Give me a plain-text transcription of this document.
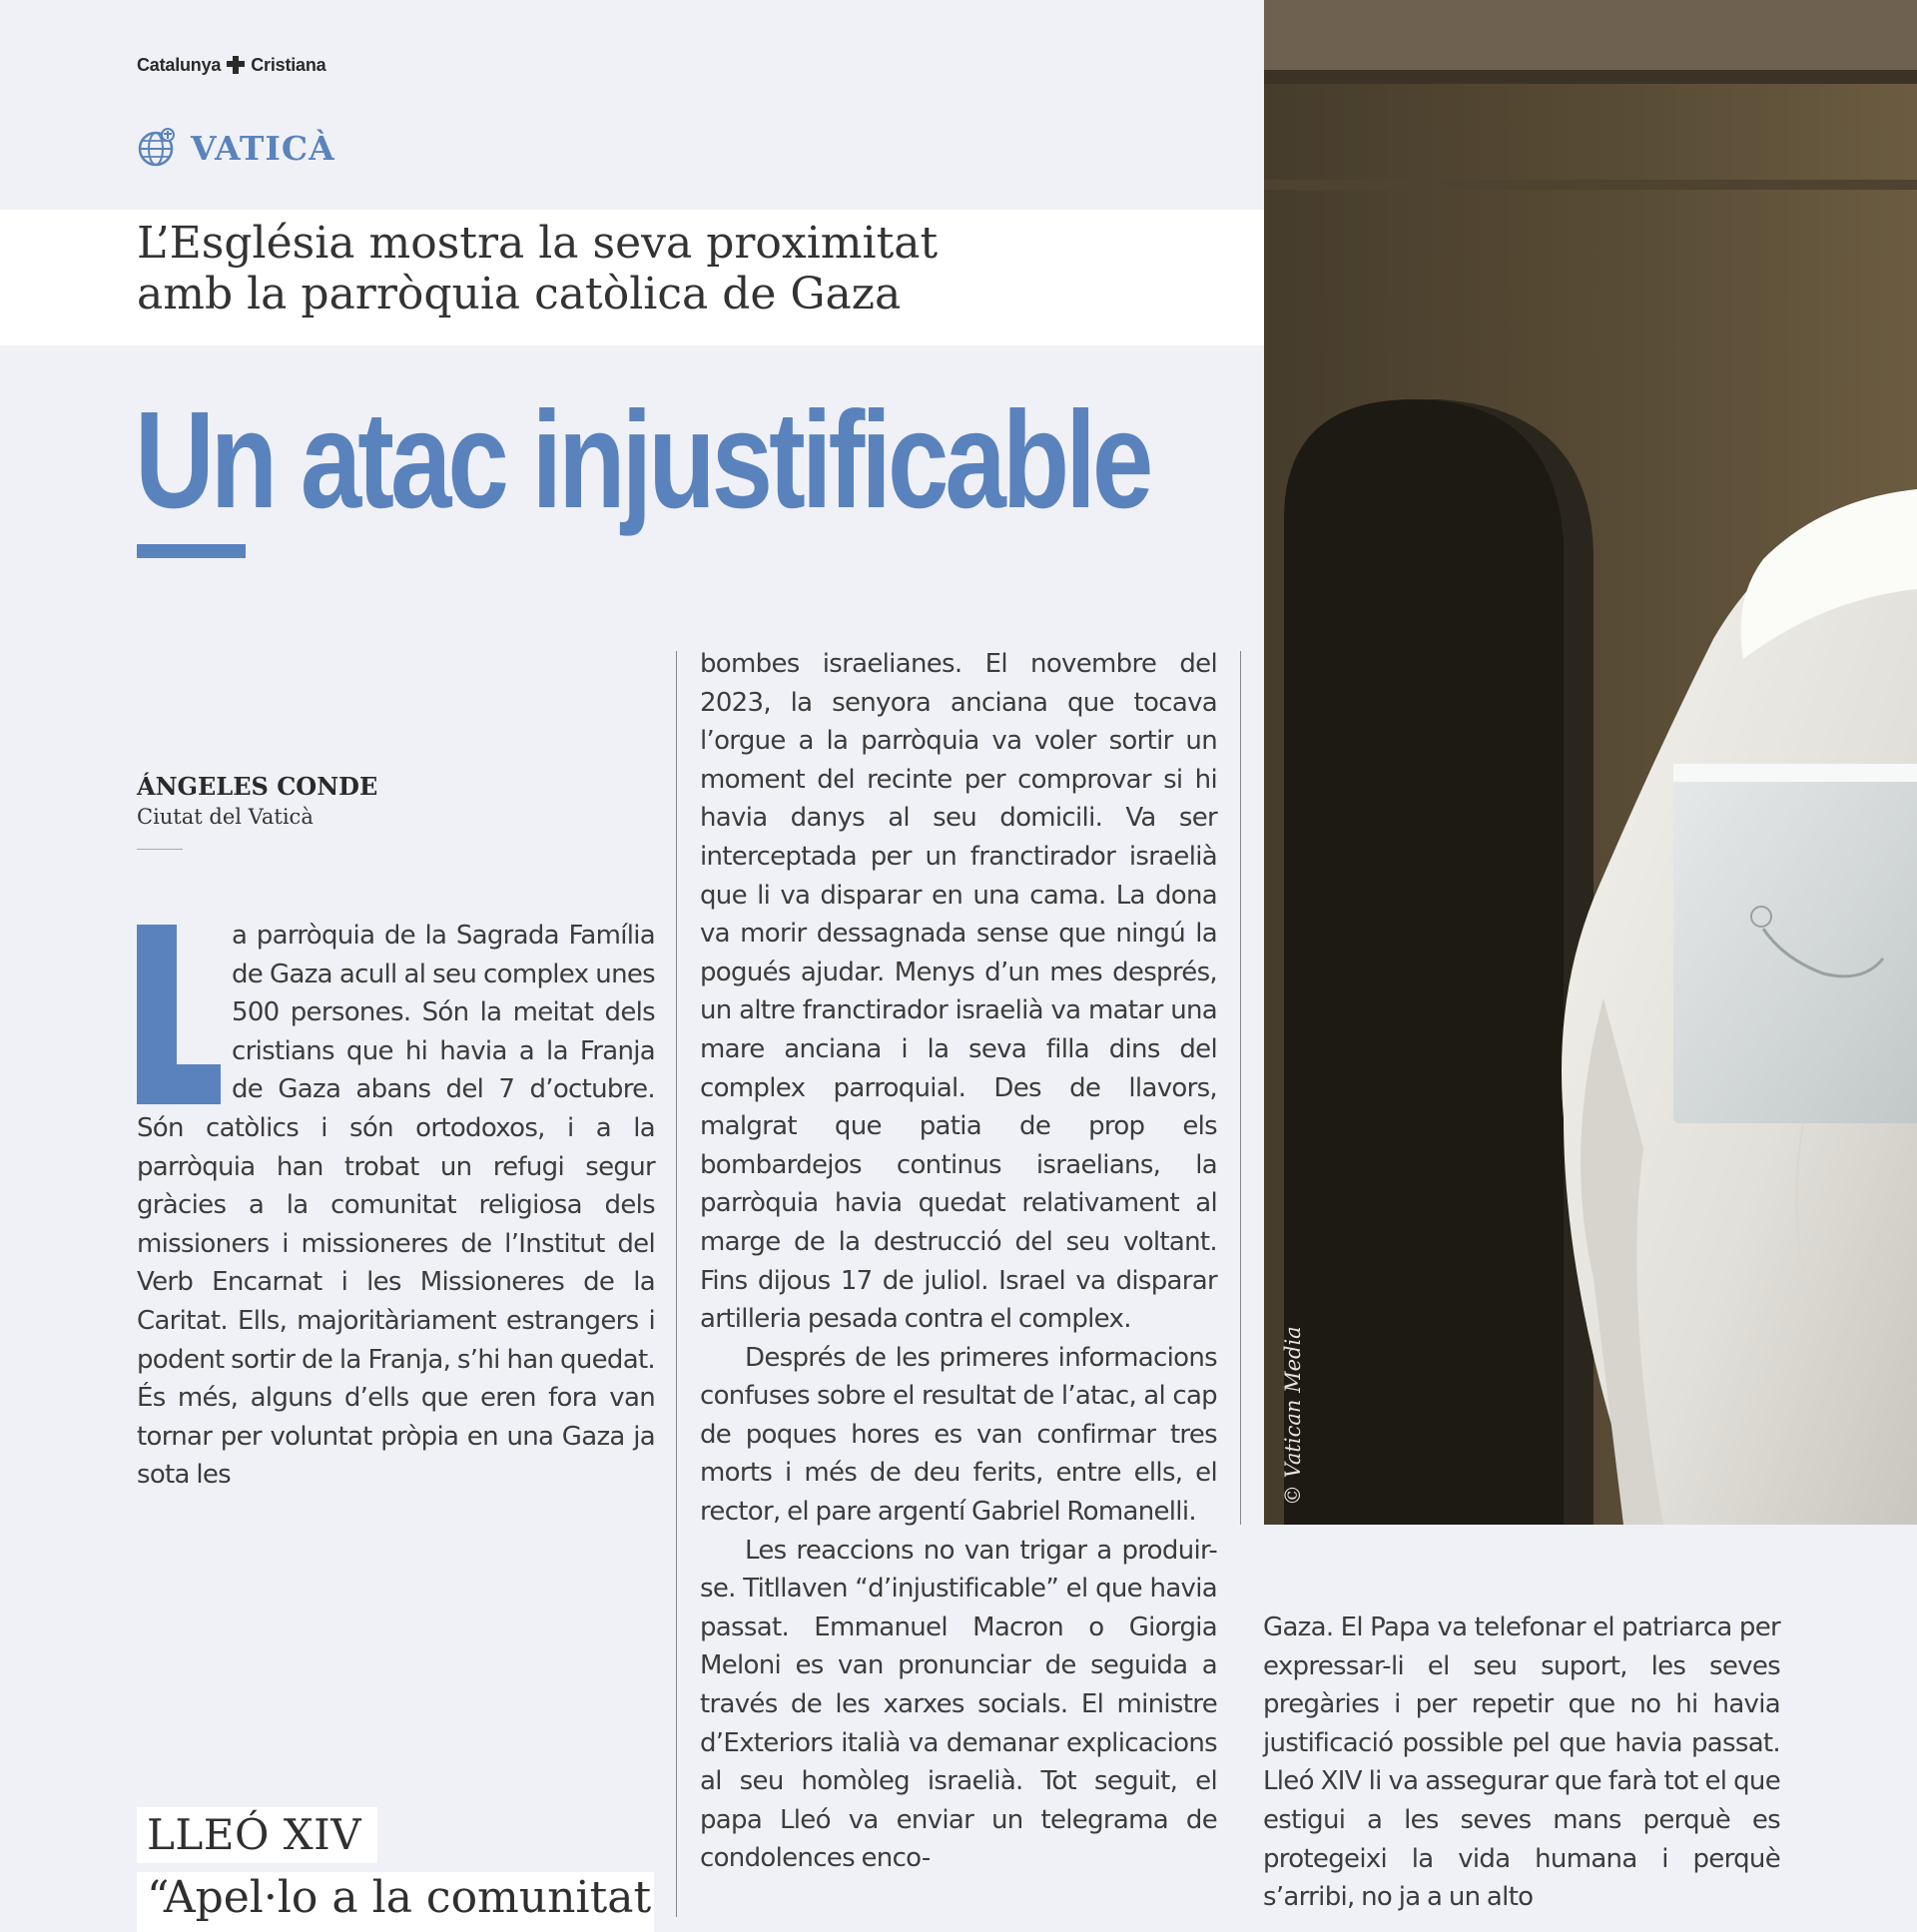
Catalunya Cristiana
VATICÀ
L’Església mostra la seva proximitat
amb la parròquia catòlica de Gaza
Un atac injustificable
ÁNGELES CONDE
Ciutat del Vaticà

a parròquia de la Sagrada Família de Gaza acull al seu complex unes 500 persones. Són la meitat dels cristians que hi havia a la Franja de Gaza abans del 7 d’octubre. Són catòlics i són ortodoxos, i a la parròquia han trobat un refugi segur gràcies a la comunitat religiosa dels missioners i missioneres de l’Institut del Verb Encarnat i les Missioneres de la Caritat. Ells, majoritàriament estrangers i podent sortir de la Franja, s’hi han quedat. És més, alguns d’ells que eren fora van tornar per voluntat pròpia en una Gaza ja sota les

bombes israelianes. El novembre del 2023, la senyora anciana que tocava l’orgue a la parròquia va voler sortir un moment del recinte per comprovar si hi havia danys al seu domicili. Va ser interceptada per un franctirador israelià que li va disparar en una cama. La dona va morir dessagnada sense que ningú la pogués ajudar. Menys d’un mes després, un altre franctirador israelià va matar una mare anciana i la seva filla dins del complex parroquial. Des de llavors, malgrat que patia de prop els bombardejos continus israelians, la parròquia havia quedat relativament al marge de la destrucció del seu voltant. Fins dijous 17 de juliol. Israel va disparar artilleria pesada contra el complex.

Després de les primeres informacions confuses sobre el resultat de l’atac, al cap de poques hores es van confirmar tres morts i més de deu ferits, entre ells, el rector, el pare argentí Gabriel Romanelli.

Les reaccions no van trigar a produir-se. Titllaven “d’injustificable” el que havia passat. Emmanuel Macron o Giorgia Meloni es van pronunciar de seguida a través de les xarxes socials. El ministre d’Exteriors italià va demanar explicacions al seu homòleg israelià. Tot seguit, el papa Lleó va enviar un telegrama de condolences enco-

Gaza. El Papa va telefonar el patriarca per expressar-li el seu suport, les seves pregàries i per repetir que no hi havia justificació possible pel que havia passat. Lleó XIV li va assegurar que farà tot el que estigui a les seves mans perquè es protegeixi la vida humana i perquè s’arribi, no ja a un alto

LLEÓ XIV
“Apel·lo a la comunitat
© Vatican Media
